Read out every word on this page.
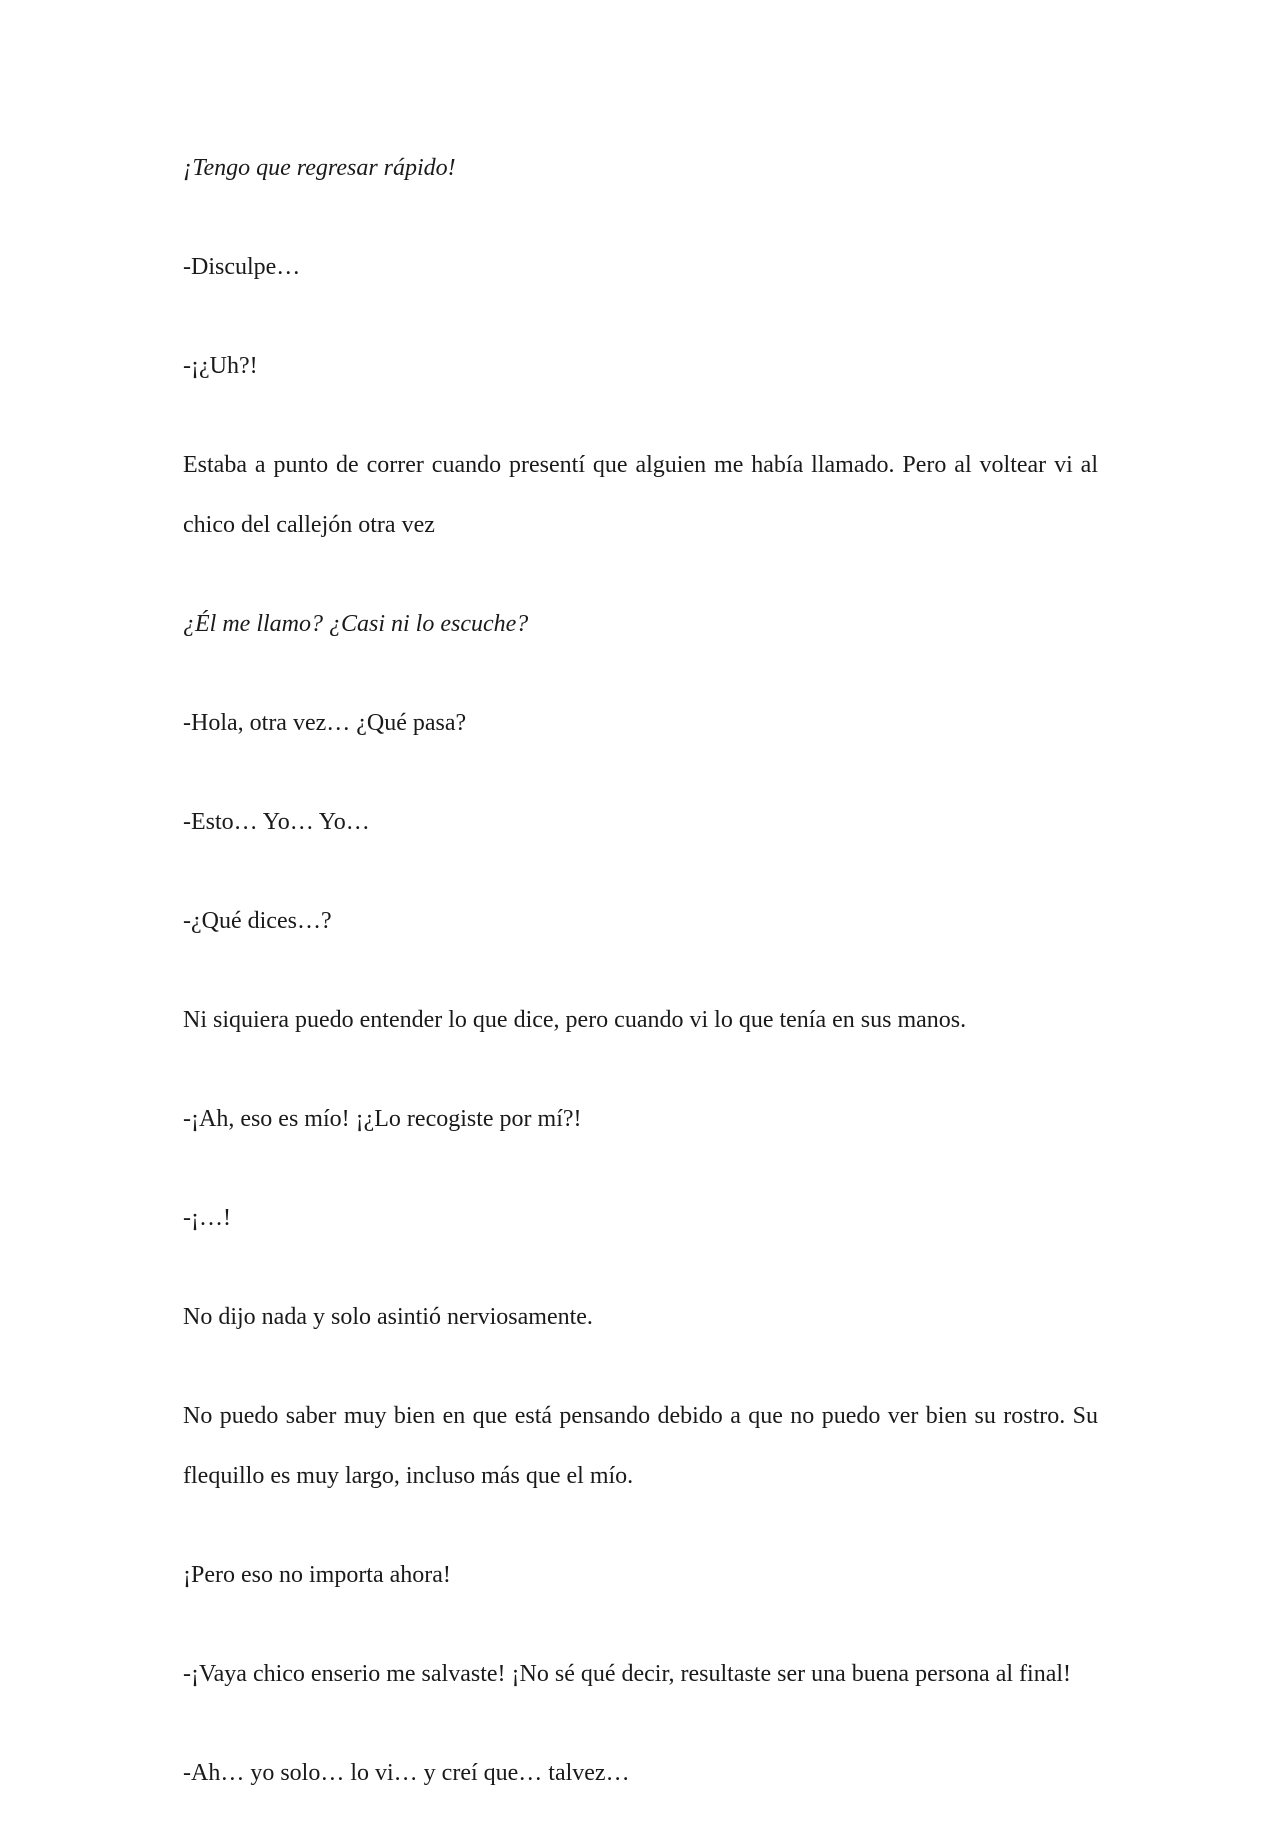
¡Tengo que regresar rápido!

-Disculpe…

-¡¿Uh?!

Estaba a punto de correr cuando presentí que alguien me había llamado. Pero al voltear vi al chico del callejón otra vez

¿Él me llamo? ¿Casi ni lo escuche?

-Hola, otra vez… ¿Qué pasa?

-Esto… Yo… Yo…

-¿Qué dices…?

Ni siquiera puedo entender lo que dice, pero cuando vi lo que tenía en sus manos.

-¡Ah, eso es mío! ¡¿Lo recogiste por mí?!

-¡…!

No dijo nada y solo asintió nerviosamente.

No puedo saber muy bien en que está pensando debido a que no puedo ver bien su rostro. Su flequillo es muy largo, incluso más que el mío.

¡Pero eso no importa ahora!

-¡Vaya chico enserio me salvaste! ¡No sé qué decir, resultaste ser una buena persona al final!

-Ah… yo solo… lo vi… y creí que… talvez…
